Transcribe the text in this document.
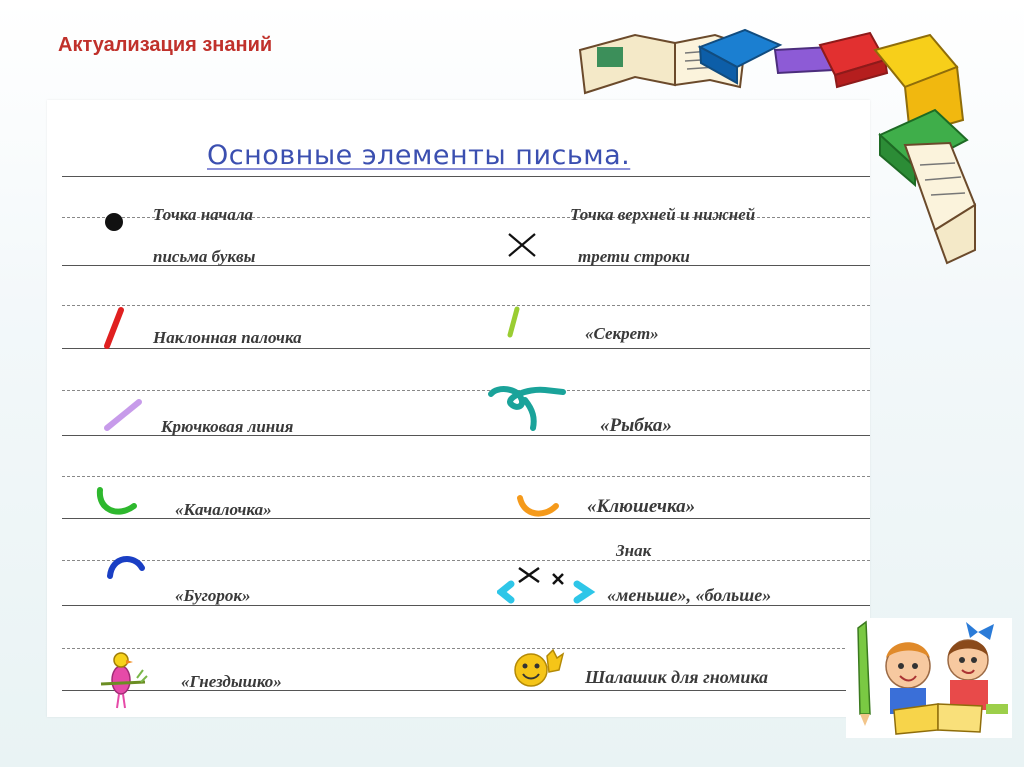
Актуализация знаний
Основные элементы письма.
Точка начала
письма буквы
Наклонная палочка
Крючковая линия
«Качалочка»
«Бугорок»
«Гнездышко»
Точка верхней и нижней
трети строки
«Секрет»
«Рыбка»
«Клюшечка»
Знак
«меньше», «больше»
Шалашик для гномика
